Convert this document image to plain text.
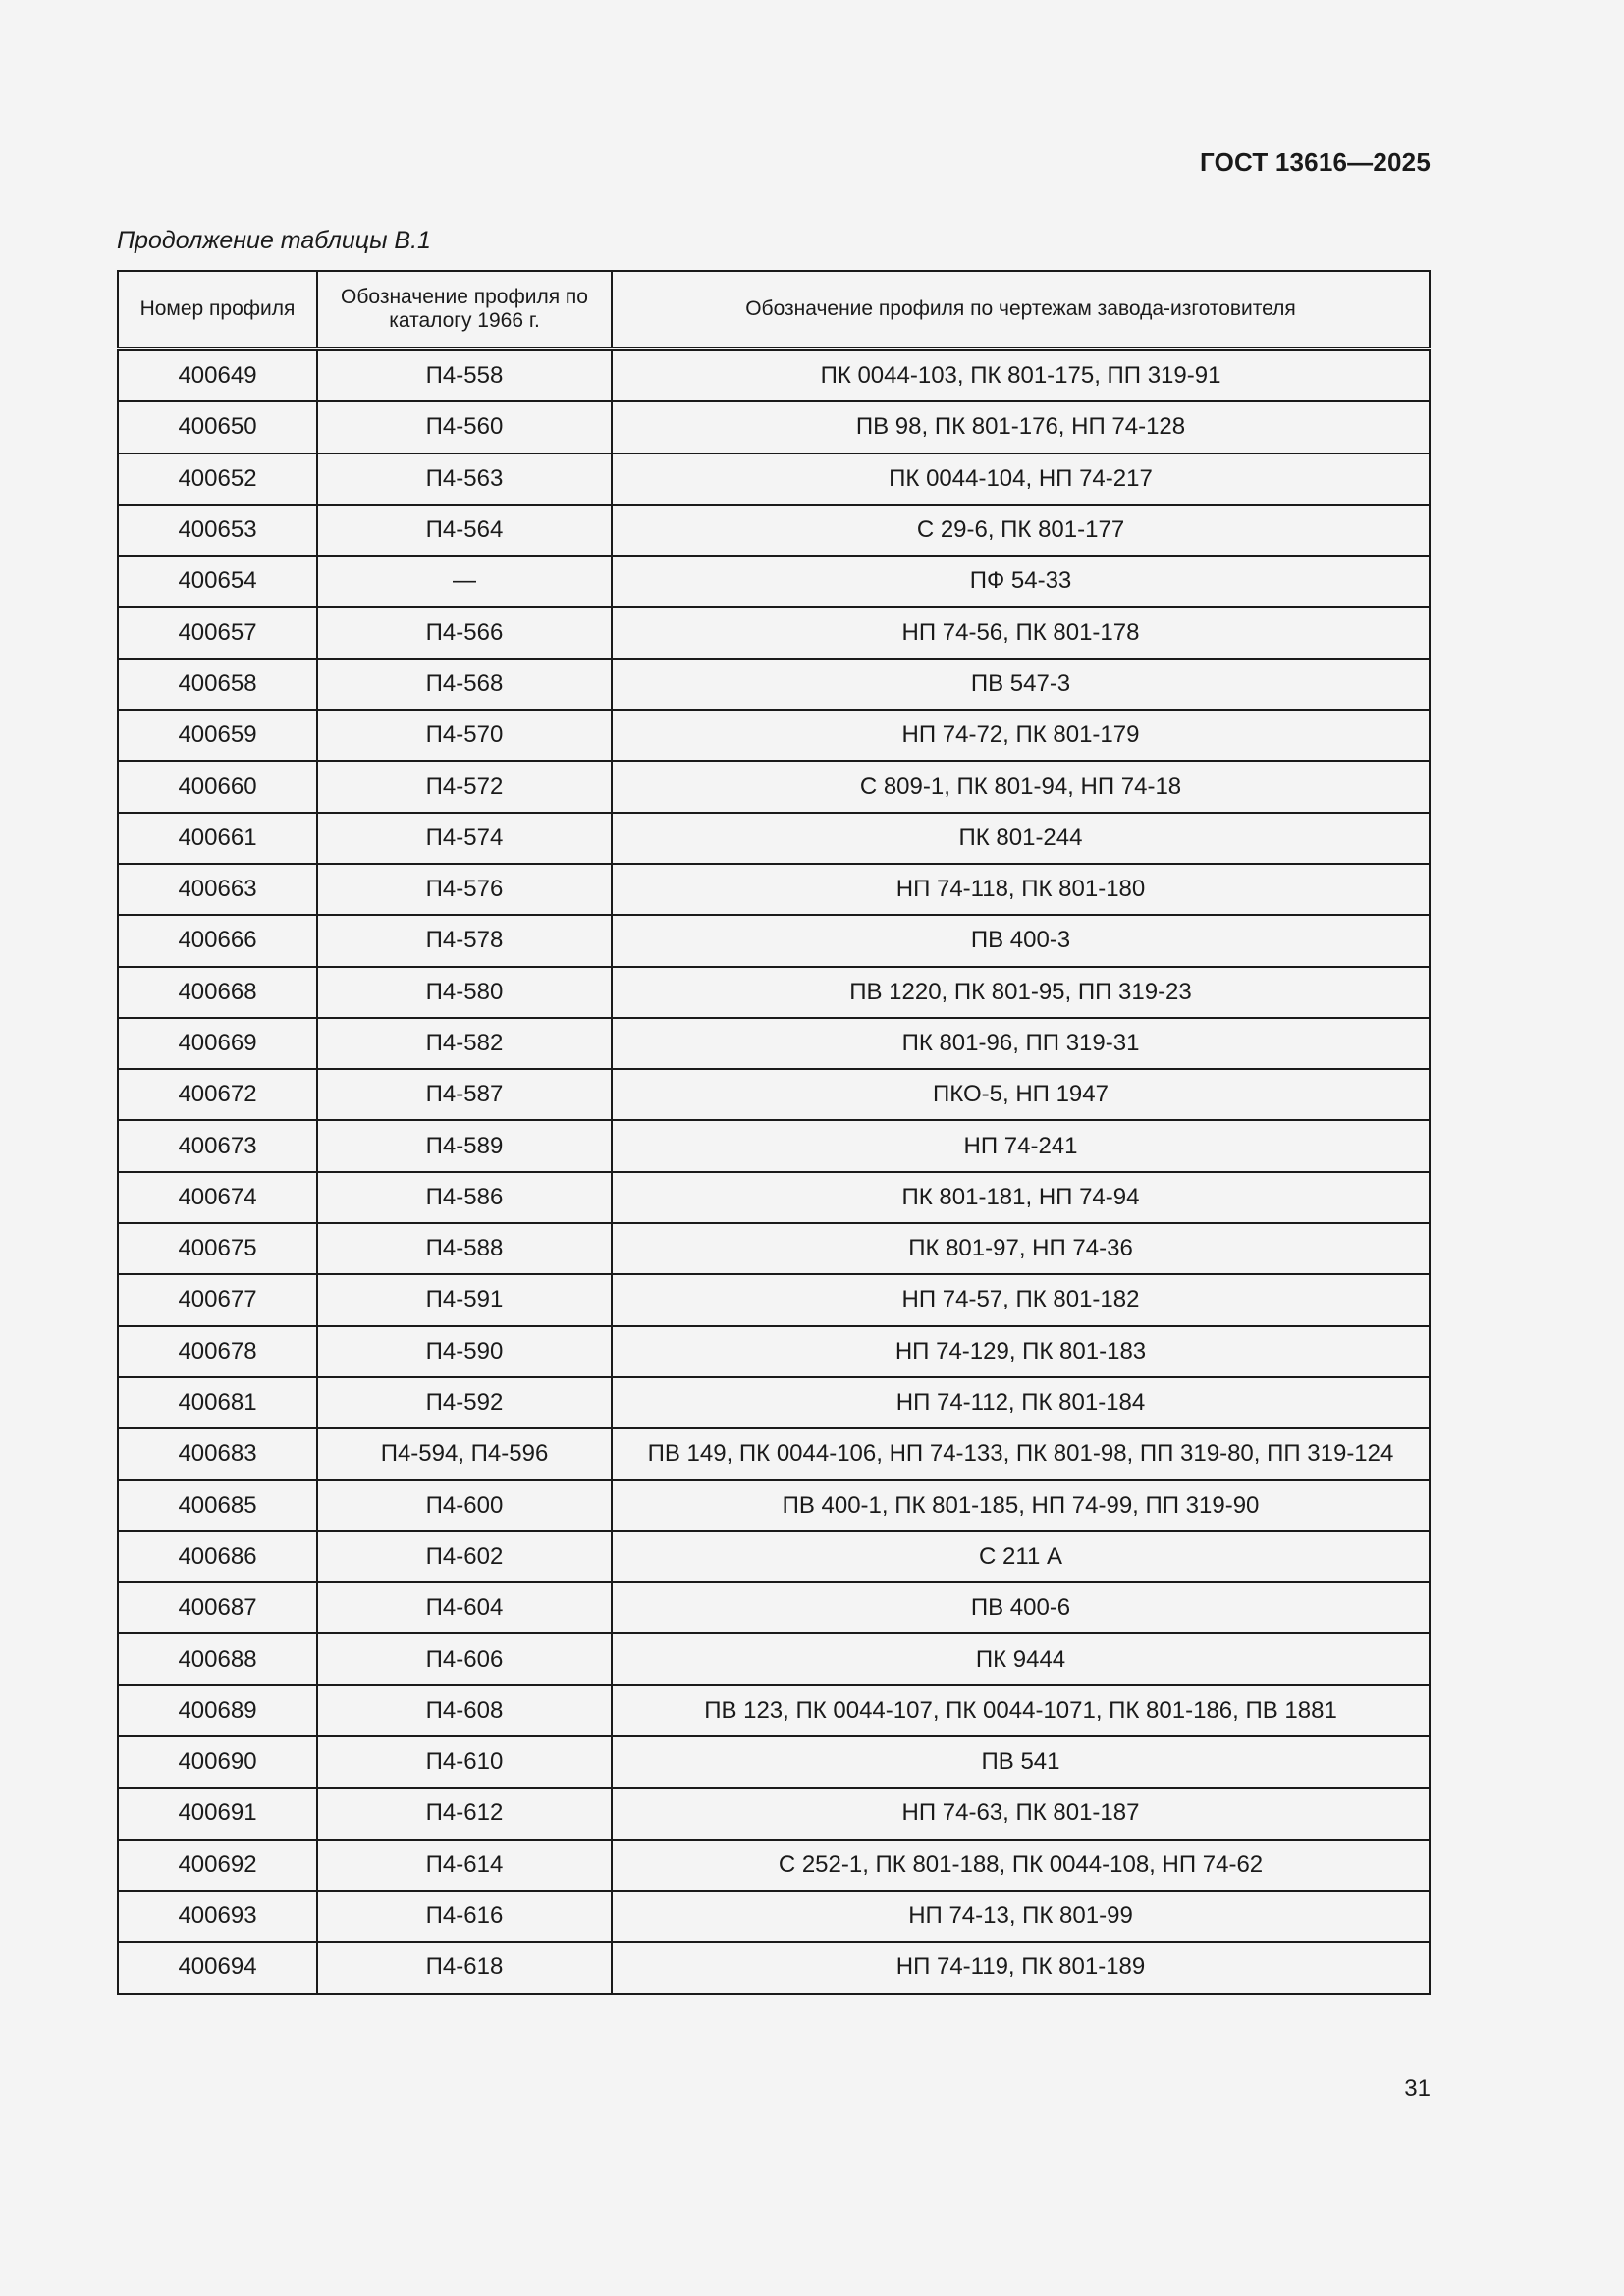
ГОСТ 13616—2025
Продолжение таблицы В.1
Номер профиля	Обозначение профиля по каталогу 1966 г.	Обозначение профиля по чертежам завода-изготовителя
400649	П4-558	ПК 0044-103, ПК 801-175, ПП 319-91
400650	П4-560	ПВ 98, ПК 801-176, НП 74-128
400652	П4-563	ПК 0044-104, НП 74-217
400653	П4-564	С 29-6, ПК 801-177
400654	—	ПФ 54-33
400657	П4-566	НП 74-56, ПК 801-178
400658	П4-568	ПВ 547-3
400659	П4-570	НП 74-72, ПК 801-179
400660	П4-572	С 809-1, ПК 801-94, НП 74-18
400661	П4-574	ПК 801-244
400663	П4-576	НП 74-118, ПК 801-180
400666	П4-578	ПВ 400-3
400668	П4-580	ПВ 1220, ПК 801-95, ПП 319-23
400669	П4-582	ПК 801-96, ПП 319-31
400672	П4-587	ПКО-5, НП 1947
400673	П4-589	НП 74-241
400674	П4-586	ПК 801-181, НП 74-94
400675	П4-588	ПК 801-97, НП 74-36
400677	П4-591	НП 74-57, ПК 801-182
400678	П4-590	НП 74-129, ПК 801-183
400681	П4-592	НП 74-112, ПК 801-184
400683	П4-594, П4-596	ПВ 149, ПК 0044-106, НП 74-133, ПК 801-98, ПП 319-80, ПП 319-124
400685	П4-600	ПВ 400-1, ПК 801-185, НП 74-99, ПП 319-90
400686	П4-602	С 211 А
400687	П4-604	ПВ 400-6
400688	П4-606	ПК 9444
400689	П4-608	ПВ 123, ПК 0044-107, ПК 0044-1071, ПК 801-186, ПВ 1881
400690	П4-610	ПВ 541
400691	П4-612	НП 74-63, ПК 801-187
400692	П4-614	С 252-1, ПК 801-188, ПК 0044-108, НП 74-62
400693	П4-616	НП 74-13, ПК 801-99
400694	П4-618	НП 74-119, ПК 801-189
31
